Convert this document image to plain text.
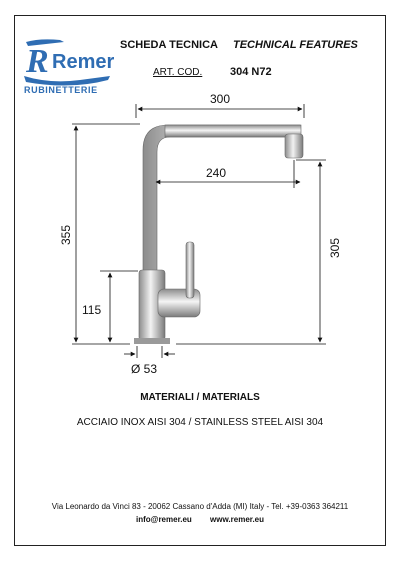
R Remer
RUBINETTERIE
SCHEDA TECNICA TECHNICAL FEATURES
ART. COD.	304 N72
300
240
355
115
305
Ø 53
MATERIALI / MATERIALS
ACCIAIO INOX AISI 304 / STAINLESS STEEL AISI 304
Via Leonardo da Vinci 83 - 20062 Cassano d'Adda (MI) Italy - Tel. +39-0363 364211
info@remer.eu www.remer.eu
